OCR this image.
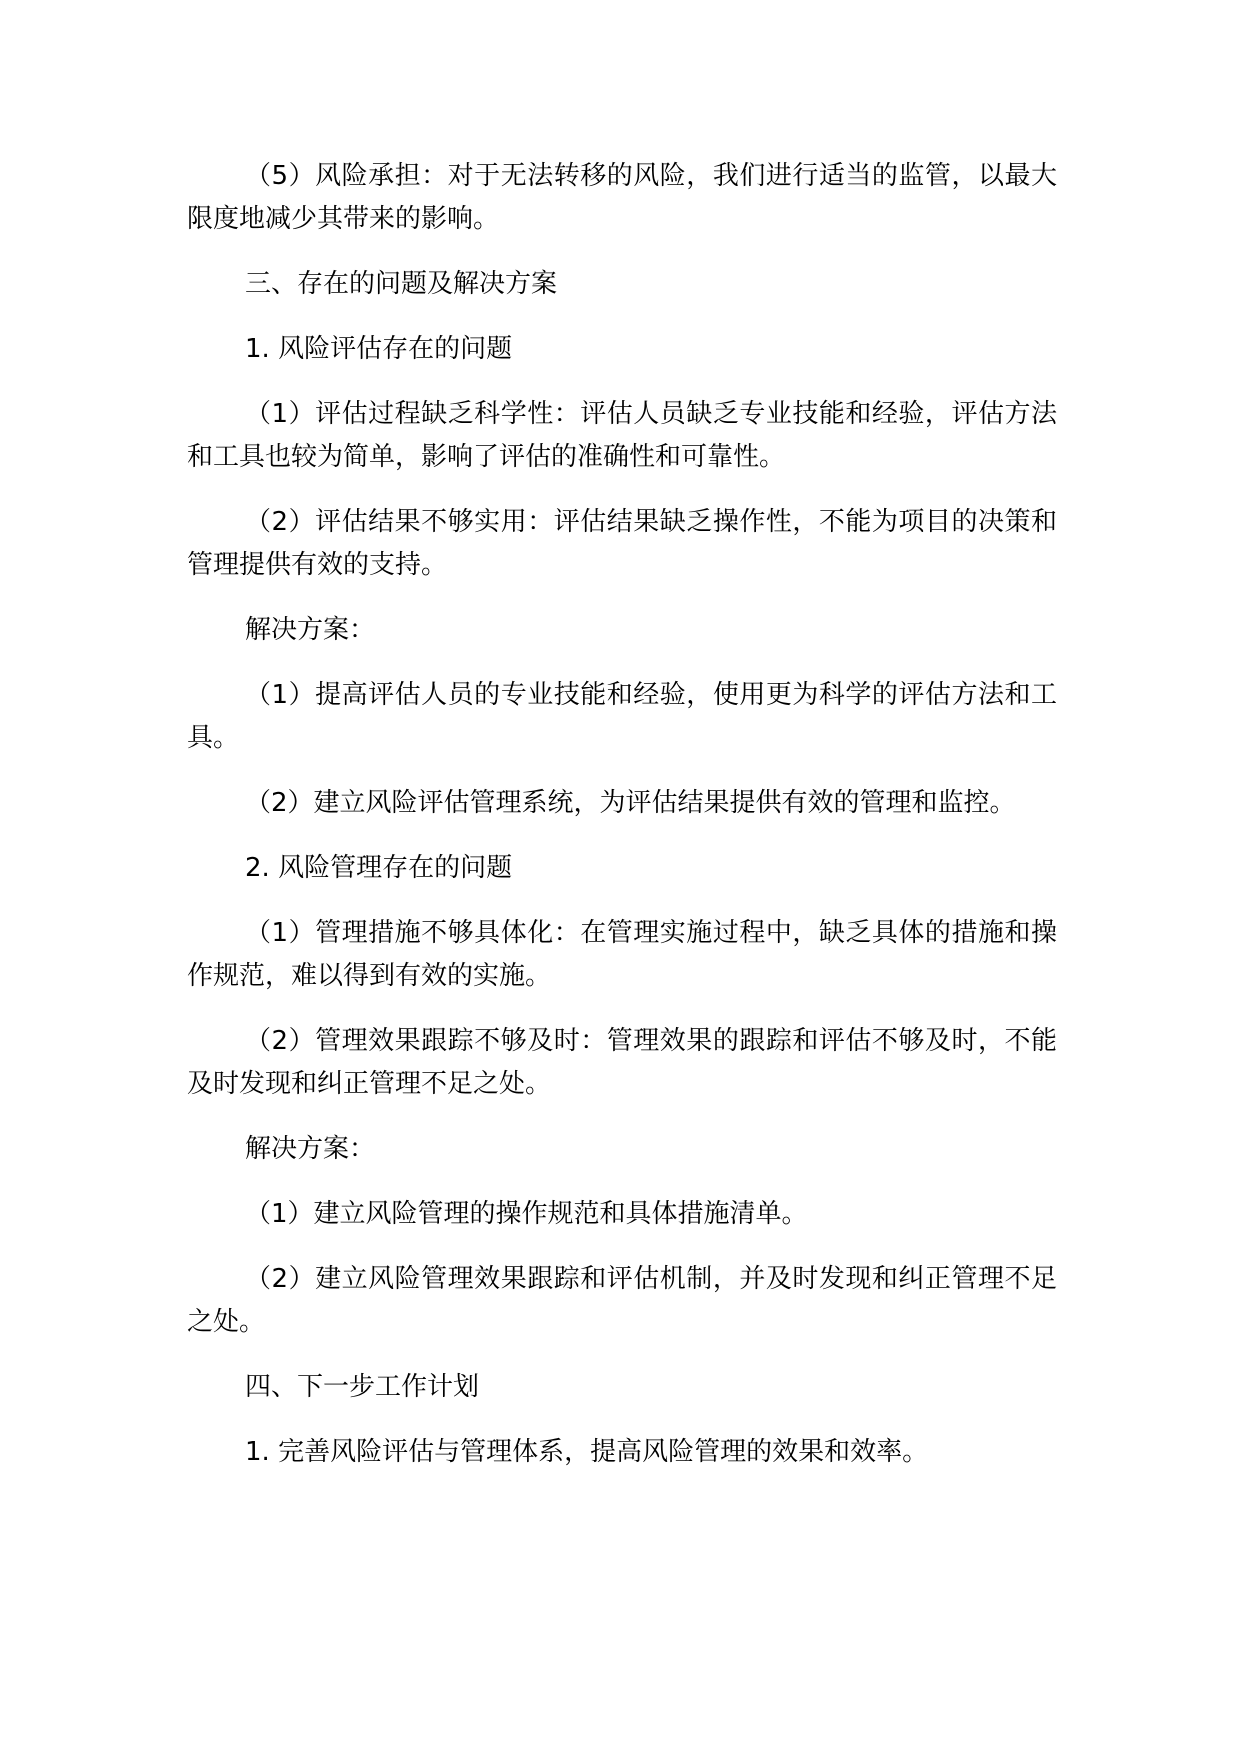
（5）风险承担：对于无法转移的风险，我们进行适当的监管，以最大限度地减少其带来的影响。

三、存在的问题及解决方案

1. 风险评估存在的问题

（1）评估过程缺乏科学性：评估人员缺乏专业技能和经验，评估方法和工具也较为简单，影响了评估的准确性和可靠性。

（2）评估结果不够实用：评估结果缺乏操作性，不能为项目的决策和管理提供有效的支持。

解决方案：

（1）提高评估人员的专业技能和经验，使用更为科学的评估方法和工具。

（2）建立风险评估管理系统，为评估结果提供有效的管理和监控。

2. 风险管理存在的问题

（1）管理措施不够具体化：在管理实施过程中，缺乏具体的措施和操作规范，难以得到有效的实施。

（2）管理效果跟踪不够及时：管理效果的跟踪和评估不够及时，不能及时发现和纠正管理不足之处。

解决方案：

（1）建立风险管理的操作规范和具体措施清单。

（2）建立风险管理效果跟踪和评估机制，并及时发现和纠正管理不足之处。

四、下一步工作计划

1. 完善风险评估与管理体系，提高风险管理的效果和效率。
